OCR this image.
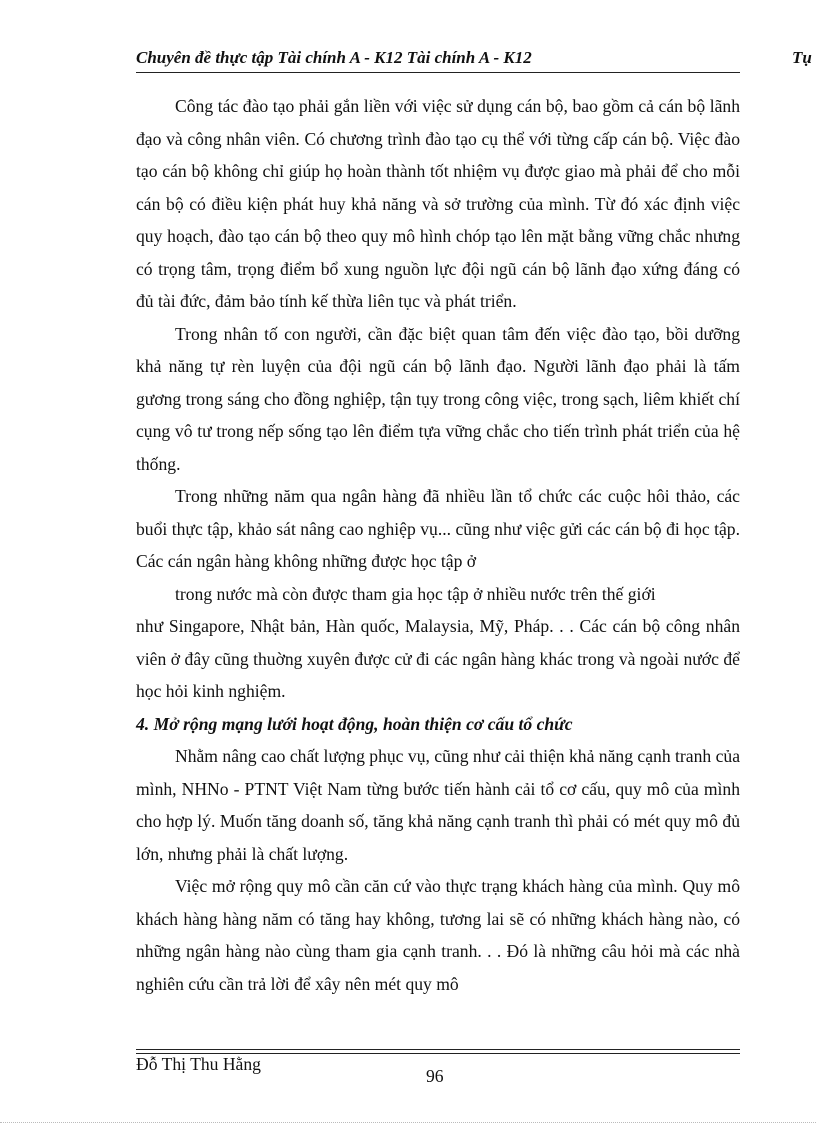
Chuyên đề thực tập Tài chính A - K12 Tài chính A - K12	Tụ

Công tác đào tạo phải gắn liền với việc sử dụng cán bộ, bao gồm cả cán bộ lãnh đạo và công nhân viên. Có chương trình đào tạo cụ thể với từng cấp cán bộ. Việc đào tạo cán bộ không chỉ giúp họ hoàn thành tốt nhiệm vụ được giao mà phải để cho mỗi cán bộ có điều kiện phát huy khả năng và sở trường của mình. Từ đó xác định việc quy hoạch, đào tạo cán bộ theo quy mô hình chóp tạo lên mặt bằng vững chắc nhưng có trọng tâm, trọng điểm bổ xung nguồn lực đội ngũ cán bộ lãnh đạo xứng đáng có đủ tài đức, đảm bảo tính kế thừa liên tục và phát triển.

Trong nhân tố con người, cần đặc biệt quan tâm đến việc đào tạo, bồi dưỡng khả năng tự rèn luyện của đội ngũ cán bộ lãnh đạo. Người lãnh đạo phải là tấm gương trong sáng cho đồng nghiệp, tận tụy trong công việc, trong sạch, liêm khiết chí cụng vô tư trong nếp sống tạo lên điểm tựa vững chắc cho tiến trình phát triển của hệ thống.

Trong những năm qua ngân hàng đã nhiều lần tổ chức các cuộc hôi thảo, các buổi thực tập, khảo sát nâng cao nghiệp vụ... cũng như việc gửi các cán bộ đi học tập. Các cán ngân hàng không những được học tập ở

trong nước mà còn được tham gia học tập ở nhiều nước trên thế giới

như Singapore, Nhật bản, Hàn quốc, Malaysia, Mỹ, Pháp. . . Các cán bộ công nhân viên ở đây cũng thuờng xuyên được cử đi các ngân hàng khác trong và ngoài nước để học hỏi kinh nghiệm.

4. Mở rộng mạng lưới hoạt động, hoàn thiện cơ cấu tổ chức

Nhằm nâng cao chất lượng phục vụ, cũng như cải thiện khả năng cạnh tranh của mình, NHNo - PTNT Việt Nam từng bước tiến hành cải tổ cơ cấu, quy mô của mình cho hợp lý. Muốn tăng doanh số, tăng khả năng cạnh tranh thì phải có mét quy mô đủ lớn, nhưng phải là chất lượng.

Việc mở rộng quy mô cần căn cứ vào thực trạng khách hàng của mình. Quy mô khách hàng hàng năm có tăng hay không, tương lai sẽ có những khách hàng nào, có những ngân hàng nào cùng tham gia cạnh tranh. . . Đó là những câu hỏi mà các nhà nghiên cứu cần trả lời để xây nên mét quy mô

Đỗ Thị Thu Hằng
96
